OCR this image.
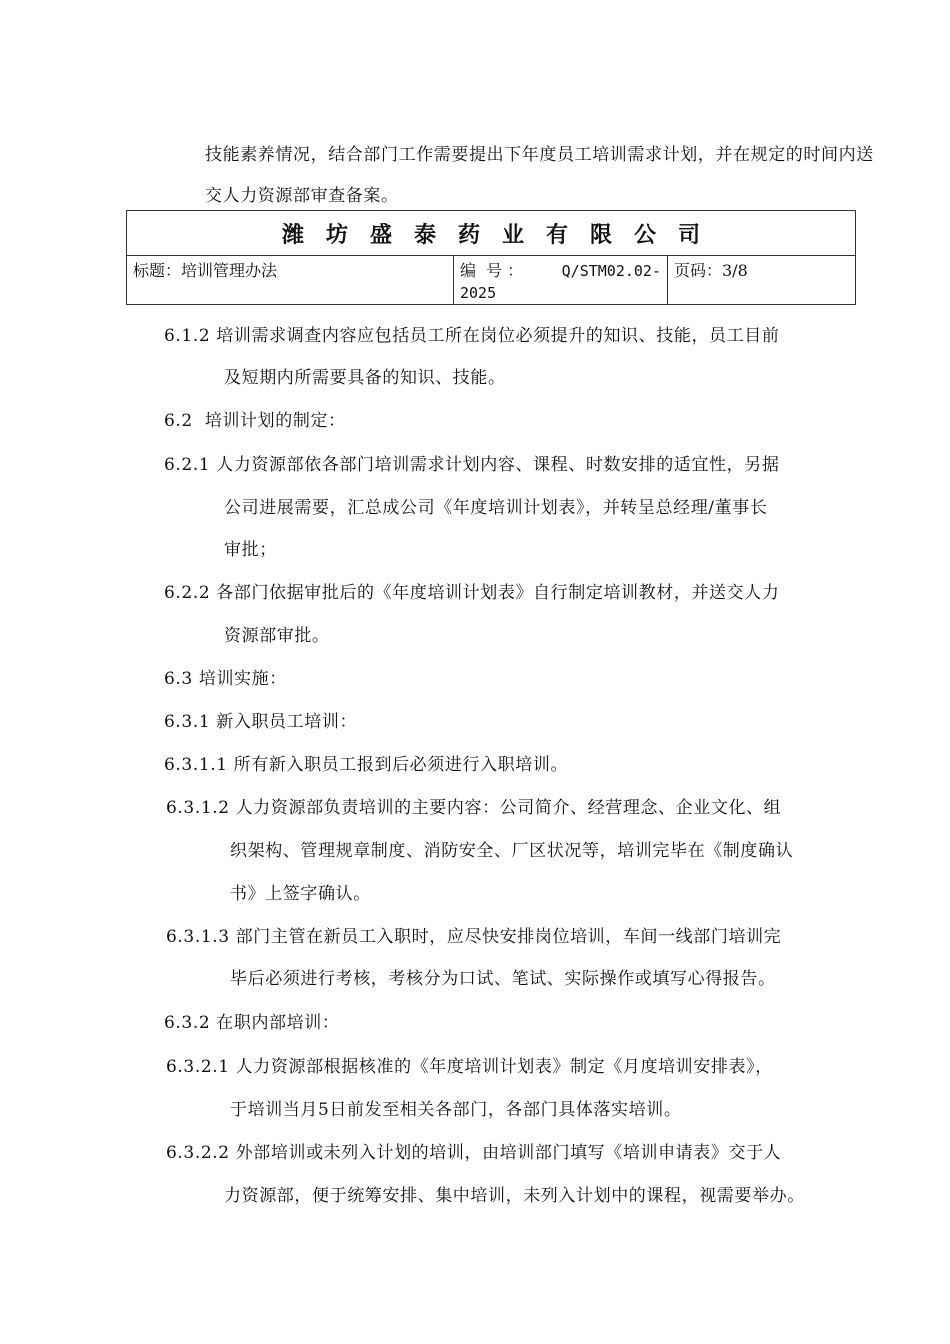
技能素养情况，结合部门工作需要提出下年度员工培训需求计划，并在规定的时间内送
交人力资源部审查备案。
潍坊盛泰药业有限公司
标题：培训管理办法	编  号 ：	Q/STM02.02-

2025
页码：3/8
6.1.2 培训需求调查内容应包括员工所在岗位必须提升的知识、技能，员工目前
及短期内所需要具备的知识、技能。
6.2  培训计划的制定：
6.2.1 人力资源部依各部门培训需求计划内容、课程、时数安排的适宜性，另据
公司进展需要，汇总成公司《年度培训计划表》，并转呈总经理/董事长
审批；
6.2.2 各部门依据审批后的《年度培训计划表》自行制定培训教材，并送交人力
资源部审批。
6.3 培训实施：
6.3.1 新入职员工培训：
6.3.1.1 所有新入职员工报到后必须进行入职培训。
6.3.1.2 人力资源部负责培训的主要内容：公司简介、经营理念、企业文化、组
织架构、管理规章制度、消防安全、厂区状况等，培训完毕在《制度确认
书》上签字确认。
6.3.1.3 部门主管在新员工入职时，应尽快安排岗位培训，车间一线部门培训完
毕后必须进行考核，考核分为口试、笔试、实际操作或填写心得报告。
6.3.2 在职内部培训：
6.3.2.1 人力资源部根据核准的《年度培训计划表》制定《月度培训安排表》，
于培训当月5日前发至相关各部门，各部门具体落实培训。
6.3.2.2 外部培训或未列入计划的培训，由培训部门填写《培训申请表》交于人
力资源部，便于统筹安排、集中培训，未列入计划中的课程，视需要举办。
